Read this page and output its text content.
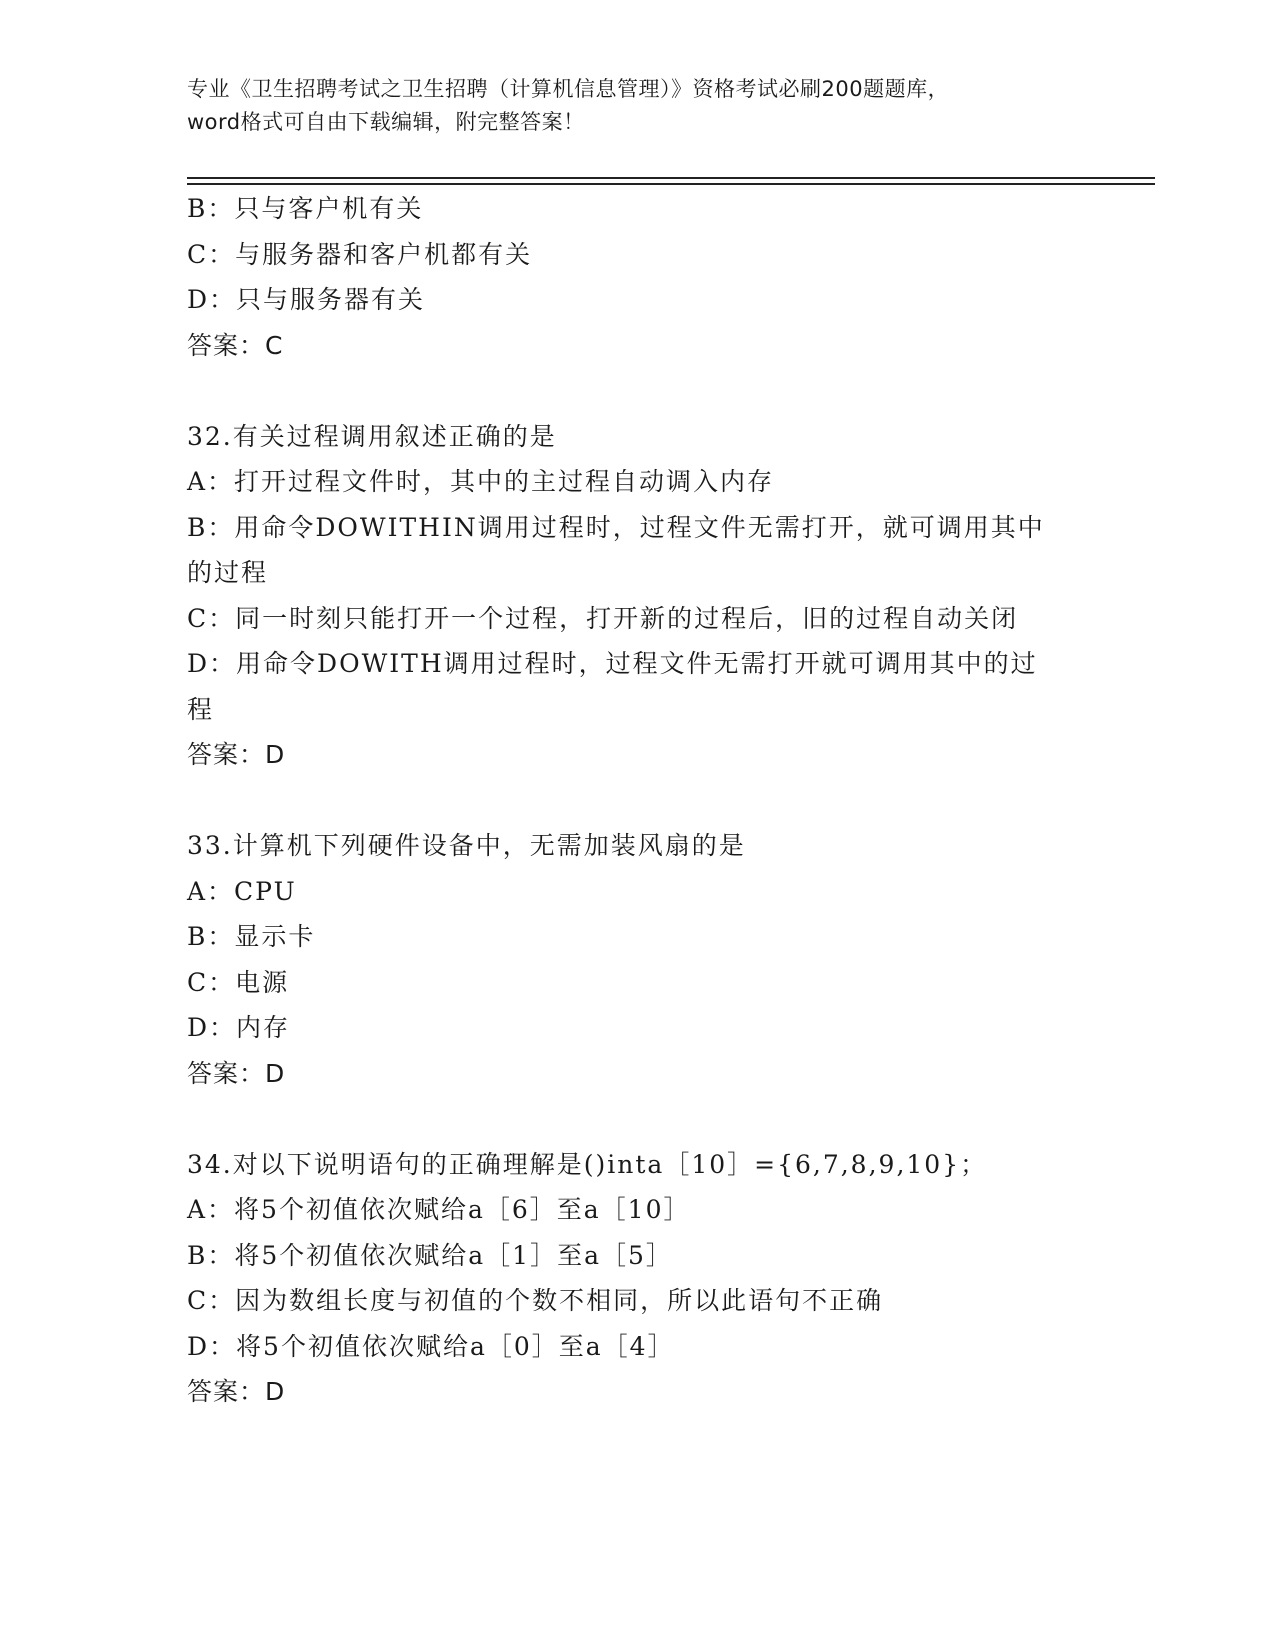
专业《卫生招聘考试之卫生招聘（计算机信息管理）》资格考试必刷200题题库，
word格式可自由下载编辑，附完整答案！
B：只与客户机有关
C：与服务器和客户机都有关
D：只与服务器有关
答案：C
32.有关过程调用叙述正确的是
A：打开过程文件时，其中的主过程自动调入内存
B：用命令DOWITHIN调用过程时，过程文件无需打开，就可调用其中
的过程
C：同一时刻只能打开一个过程，打开新的过程后，旧的过程自动关闭
D：用命令DOWITH调用过程时，过程文件无需打开就可调用其中的过
程
答案：D
33.计算机下列硬件设备中，无需加装风扇的是
A：CPU
B：显示卡
C：电源
D：内存
答案：D
34.对以下说明语句的正确理解是()inta［10］={6,7,8,9,10}；
A：将5个初值依次赋给a［6］至a［10］
B：将5个初值依次赋给a［1］至a［5］
C：因为数组长度与初值的个数不相同，所以此语句不正确
D：将5个初值依次赋给a［0］至a［4］
答案：D
